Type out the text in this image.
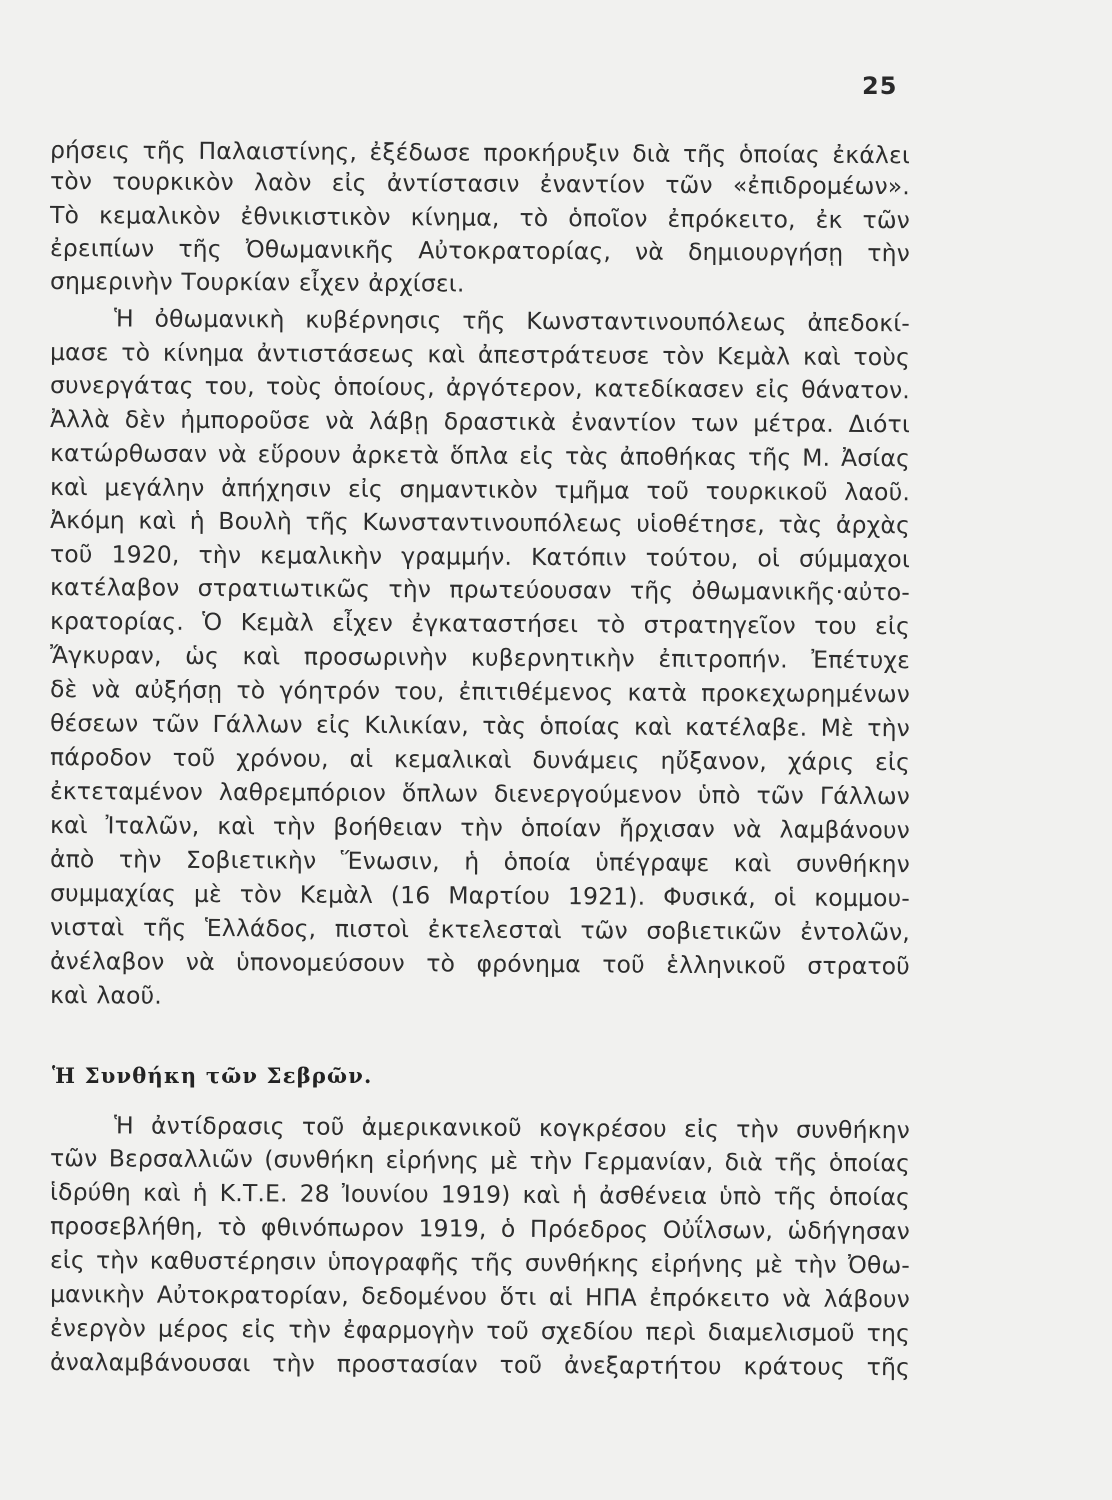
25
ρήσεις τῆς Παλαιστίνης, ἐξέδωσε προκήρυξιν διὰ τῆς ὁποίας ἐκάλει
τὸν τουρκικὸν λαὸν εἰς ἀντίστασιν ἐναντίον τῶν «ἐπιδρομέων».
Τὸ κεμαλικὸν ἐθνικιστικὸν κίνημα, τὸ ὁποῖον ἐπρόκειτο, ἐκ τῶν
ἐρειπίων τῆς Ὀθωμανικῆς Αὐτοκρατορίας, νὰ δημιουργήσῃ τὴν
σημερινὴν Τουρκίαν εἶχεν ἀρχίσει.
Ἡ ὀθωμανικὴ κυβέρνησις τῆς Κωνσταντινουπόλεως ἀπεδοκί-
μασε τὸ κίνημα ἀντιστάσεως καὶ ἀπεστράτευσε τὸν Κεμὰλ καὶ τοὺς
συνεργάτας του, τοὺς ὁποίους, ἀργότερον, κατεδίκασεν εἰς θάνατον.
Ἀλλὰ δὲν ἠμποροῦσε νὰ λάβῃ δραστικὰ ἐναντίον των μέτρα. Διότι
κατώρθωσαν νὰ εὕρουν ἀρκετὰ ὅπλα εἰς τὰς ἀποθήκας τῆς Μ. Ἀσίας
καὶ μεγάλην ἀπήχησιν εἰς σημαντικὸν τμῆμα τοῦ τουρκικοῦ λαοῦ.
Ἀκόμη καὶ ἡ Βουλὴ τῆς Κωνσταντινουπόλεως υἱοθέτησε, τὰς ἀρχὰς
τοῦ 1920, τὴν κεμαλικὴν γραμμήν. Κατόπιν τούτου, οἱ σύμμαχοι
κατέλαβον στρατιωτικῶς τὴν πρωτεύουσαν τῆς ὀθωμανικῆς·αὐτο-
κρατορίας. Ὁ Κεμὰλ εἶχεν ἐγκαταστήσει τὸ στρατηγεῖον του εἰς
Ἄγκυραν, ὡς καὶ προσωρινὴν κυβερνητικὴν ἐπιτροπήν. Ἐπέτυχε
δὲ νὰ αὐξήσῃ τὸ γόητρόν του, ἐπιτιθέμενος κατὰ προκεχωρημένων
θέσεων τῶν Γάλλων εἰς Κιλικίαν, τὰς ὁποίας καὶ κατέλαβε. Μὲ τὴν
πάροδον τοῦ χρόνου, αἱ κεμαλικαὶ δυνάμεις ηὔξανον, χάρις εἰς
ἐκτεταμένον λαθρεμπόριον ὅπλων διενεργούμενον ὑπὸ τῶν Γάλλων
καὶ Ἰταλῶν, καὶ τὴν βοήθειαν τὴν ὁποίαν ἤρχισαν νὰ λαμβάνουν
ἀπὸ τὴν Σοβιετικὴν Ἕνωσιν, ἡ ὁποία ὑπέγραψε καὶ συνθήκην
συμμαχίας μὲ τὸν Κεμὰλ (16 Μαρτίου 1921). Φυσικά, οἱ κομμου-
νισταὶ τῆς Ἑλλάδος, πιστοὶ ἐκτελεσταὶ τῶν σοβιετικῶν ἐντολῶν,
ἀνέλαβον νὰ ὑπονομεύσουν τὸ φρόνημα τοῦ ἑλληνικοῦ στρατοῦ
καὶ λαοῦ.
Ἡ Συνθήκη τῶν Σεβρῶν.
Ἡ ἀντίδρασις τοῦ ἀμερικανικοῦ κογκρέσου εἰς τὴν συνθήκην
τῶν Βερσαλλιῶν (συνθήκη εἰρήνης μὲ τὴν Γερμανίαν, διὰ τῆς ὁποίας
ἱδρύθη καὶ ἡ Κ.Τ.Ε. 28 Ἰουνίου 1919) καὶ ἡ ἀσθένεια ὑπὸ τῆς ὁποίας
προσεβλήθη, τὸ φθινόπωρον 1919, ὁ Πρόεδρος Οὐΐλσων, ὡδήγησαν
εἰς τὴν καθυστέρησιν ὑπογραφῆς τῆς συνθήκης εἰρήνης μὲ τὴν Ὀθω-
μανικὴν Αὐτοκρατορίαν, δεδομένου ὅτι αἱ ΗΠΑ ἐπρόκειτο νὰ λάβουν
ἐνεργὸν μέρος εἰς τὴν ἐφαρμογὴν τοῦ σχεδίου περὶ διαμελισμοῦ της
ἀναλαμβάνουσαι τὴν προστασίαν τοῦ ἀνεξαρτήτου κράτους τῆς
